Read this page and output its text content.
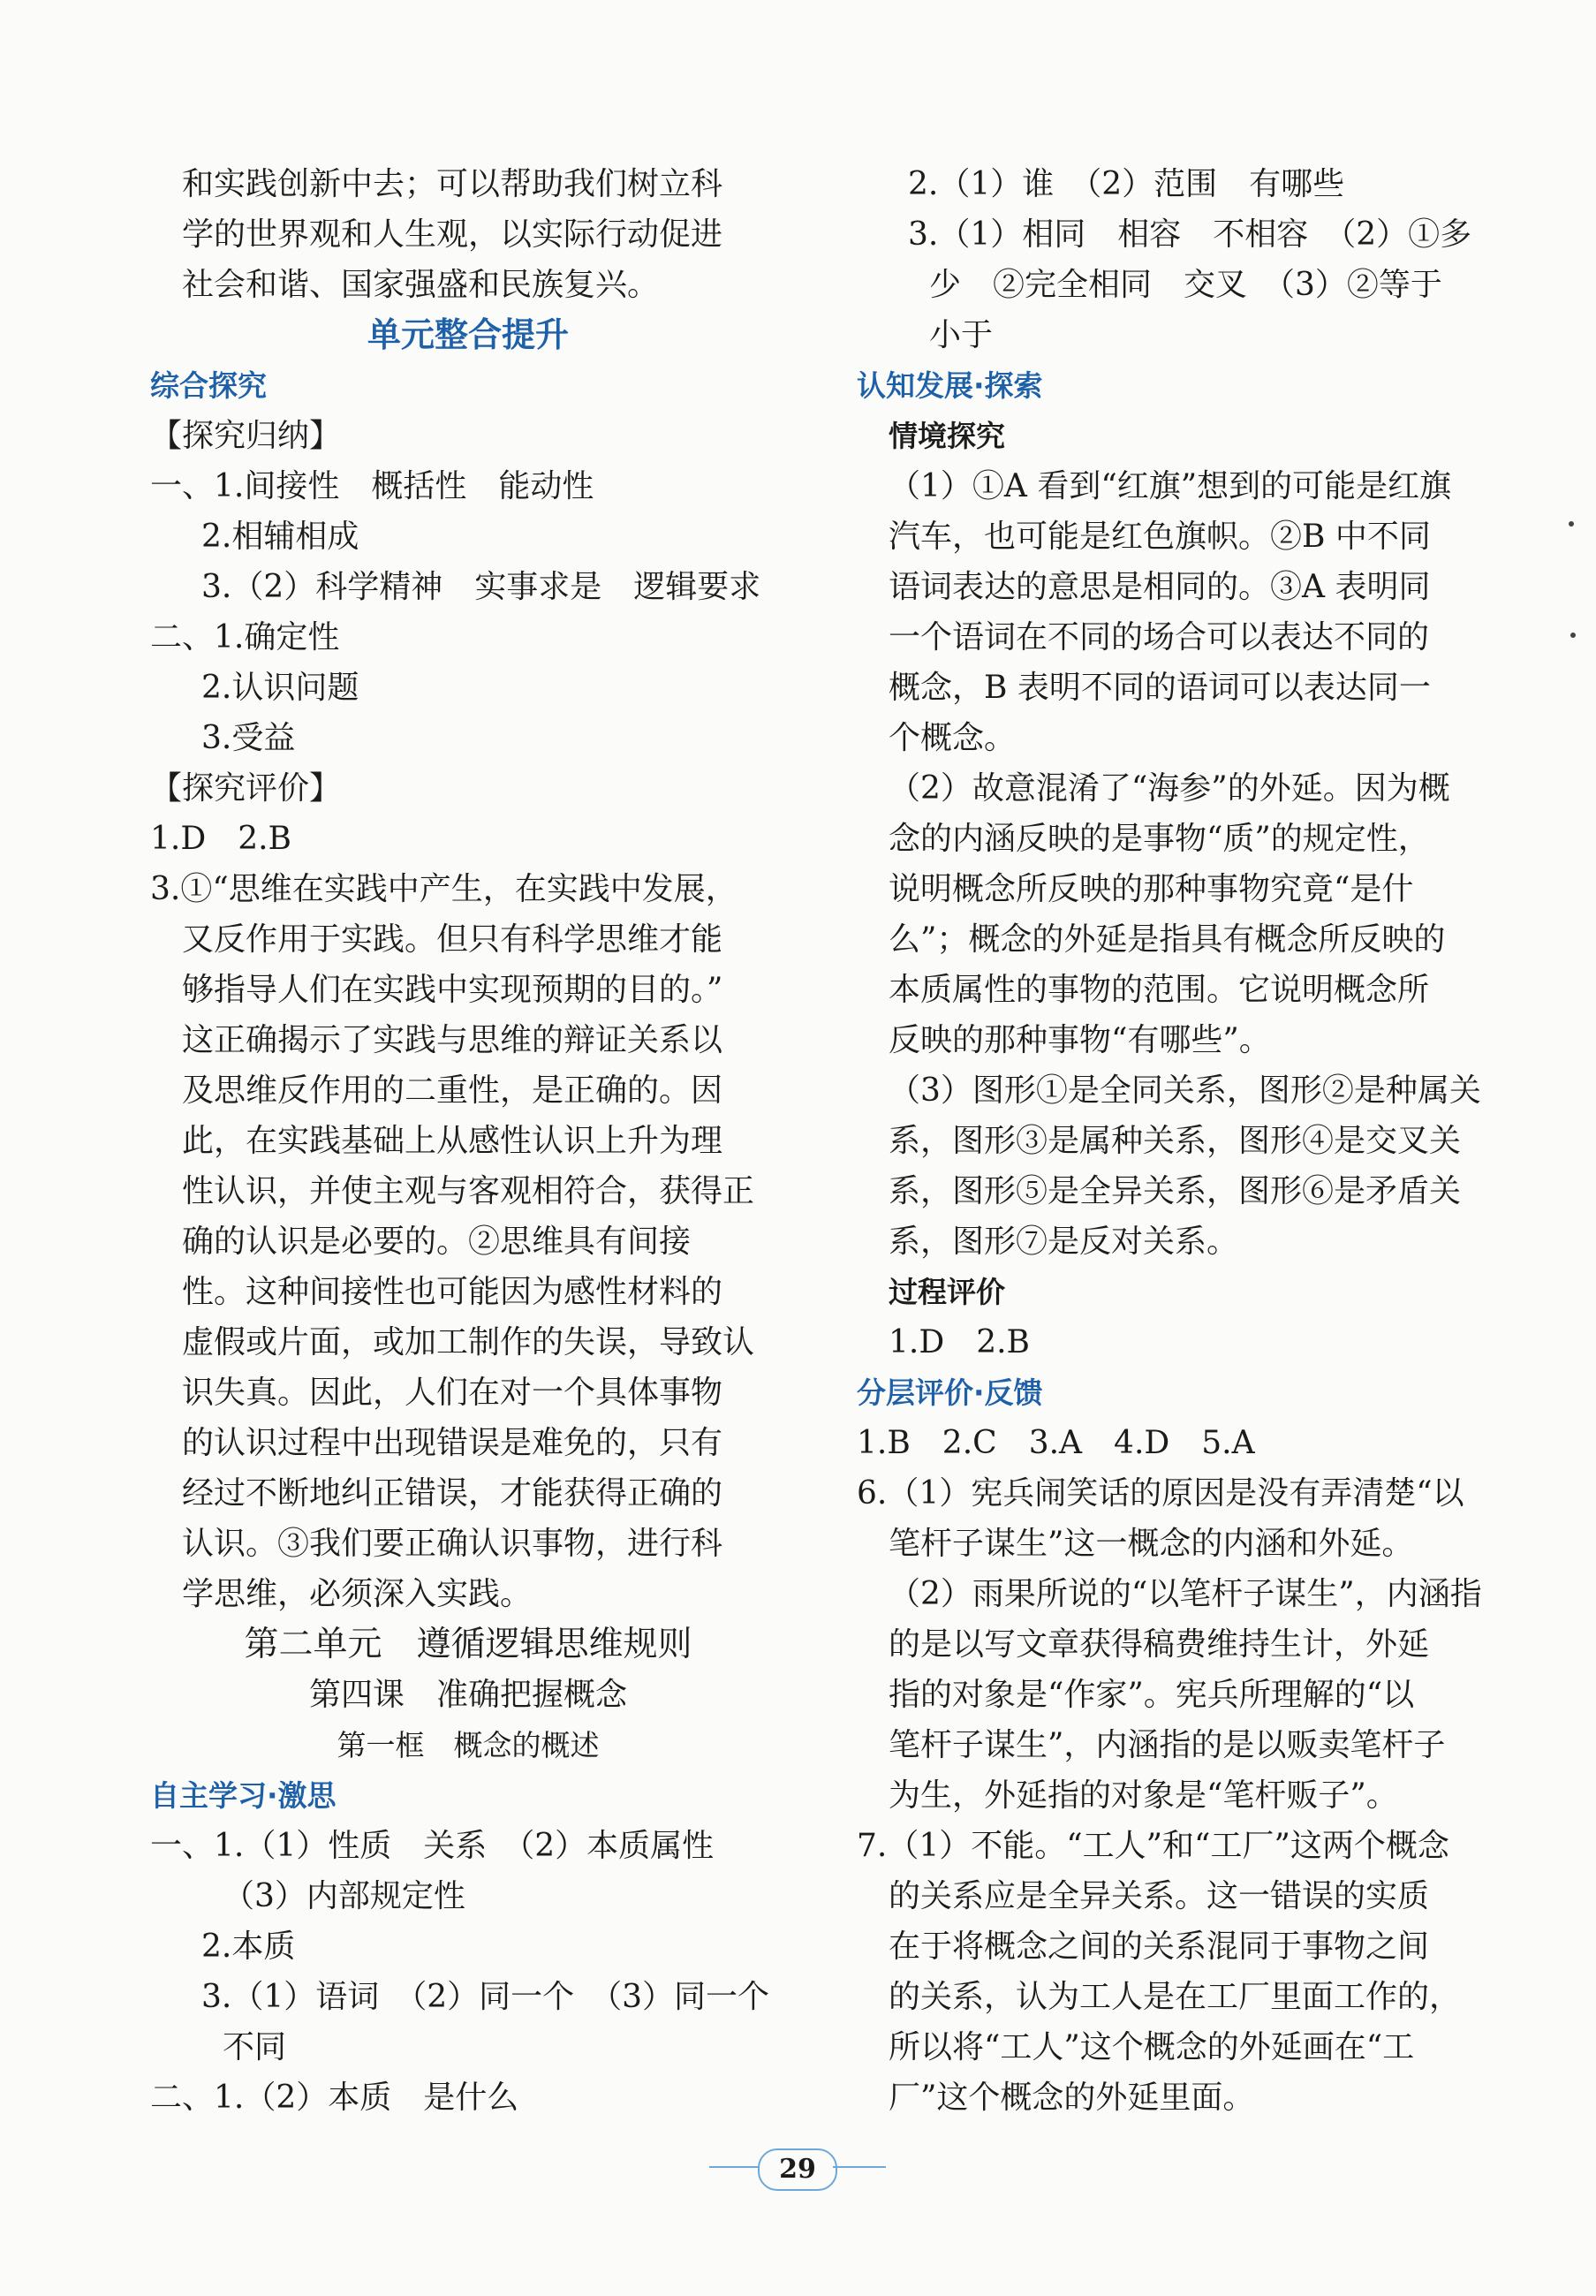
和实践创新中去；可以帮助我们树立科
学的世界观和人生观，以实际行动促进
社会和谐、国家强盛和民族复兴。
单元整合提升
综合探究
【探究归纳】
一、1.间接性　概括性　能动性
2.相辅相成
3.（2）科学精神　实事求是　逻辑要求
二、1.确定性
2.认识问题
3.受益
【探究评价】
1.D　2.B
3.①“思维在实践中产生，在实践中发展，
又反作用于实践。但只有科学思维才能
够指导人们在实践中实现预期的目的。”
这正确揭示了实践与思维的辩证关系以
及思维反作用的二重性，是正确的。因
此，在实践基础上从感性认识上升为理
性认识，并使主观与客观相符合，获得正
确的认识是必要的。②思维具有间接
性。这种间接性也可能因为感性材料的
虚假或片面，或加工制作的失误，导致认
识失真。因此，人们在对一个具体事物
的认识过程中出现错误是难免的，只有
经过不断地纠正错误，才能获得正确的
认识。③我们要正确认识事物，进行科
学思维，必须深入实践。
第二单元　遵循逻辑思维规则
第四课　准确把握概念
第一框　概念的概述
自主学习·激思
一、1.（1）性质　关系　（2）本质属性
（3）内部规定性
2.本质
3.（1）语词　（2）同一个　（3）同一个
不同
二、1.（2）本质　是什么
2.（1）谁　（2）范围　有哪些
3.（1）相同　相容　不相容　（2）①多
少　②完全相同　交叉　（3）②等于
小于
认知发展·探索
情境探究
（1）①A 看到“红旗”想到的可能是红旗
汽车，也可能是红色旗帜。②B 中不同
语词表达的意思是相同的。③A 表明同
一个语词在不同的场合可以表达不同的
概念，B 表明不同的语词可以表达同一
个概念。
（2）故意混淆了“海参”的外延。因为概
念的内涵反映的是事物“质”的规定性，
说明概念所反映的那种事物究竟“是什
么”；概念的外延是指具有概念所反映的
本质属性的事物的范围。它说明概念所
反映的那种事物“有哪些”。
（3）图形①是全同关系，图形②是种属关
系，图形③是属种关系，图形④是交叉关
系，图形⑤是全异关系，图形⑥是矛盾关
系，图形⑦是反对关系。
过程评价
1.D　2.B
分层评价·反馈
1.B　2.C　3.A　4.D　5.A
6.（1）宪兵闹笑话的原因是没有弄清楚“以
笔杆子谋生”这一概念的内涵和外延。
（2）雨果所说的“以笔杆子谋生”，内涵指
的是以写文章获得稿费维持生计，外延
指的对象是“作家”。宪兵所理解的“以
笔杆子谋生”，内涵指的是以贩卖笔杆子
为生，外延指的对象是“笔杆贩子”。
7.（1）不能。“工人”和“工厂”这两个概念
的关系应是全异关系。这一错误的实质
在于将概念之间的关系混同于事物之间
的关系，认为工人是在工厂里面工作的，
所以将“工人”这个概念的外延画在“工
厂”这个概念的外延里面。
29
